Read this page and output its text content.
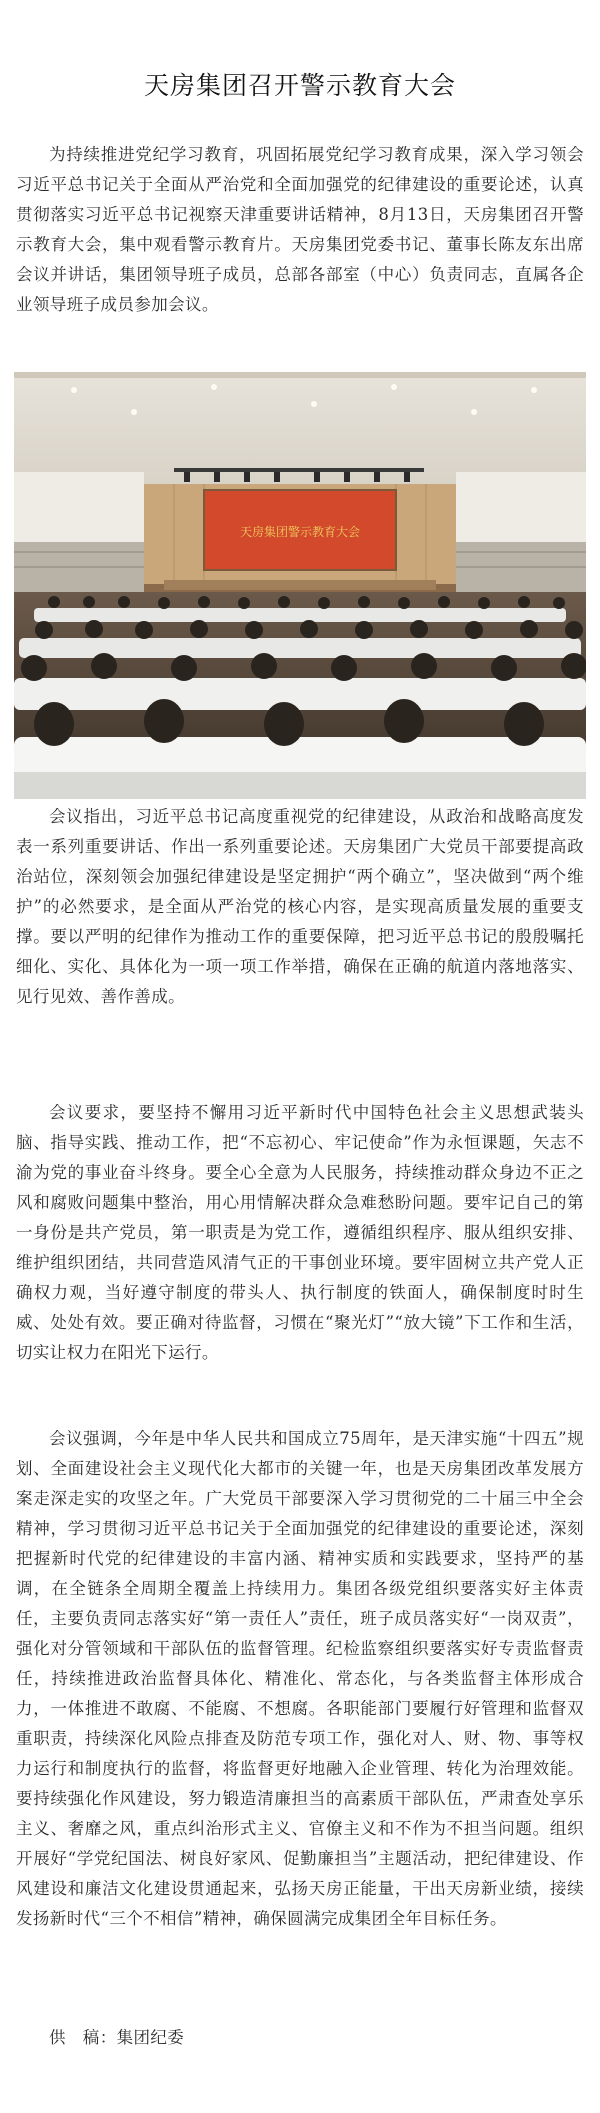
天房集团召开警示教育大会
为持续推进党纪学习教育，巩固拓展党纪学习教育成果，深入学习领会习近平总书记关于全面从严治党和全面加强党的纪律建设的重要论述，认真贯彻落实习近平总书记视察天津重要讲话精神，8月13日，天房集团召开警示教育大会，集中观看警示教育片。天房集团党委书记、董事长陈友东出席会议并讲话，集团领导班子成员，总部各部室（中心）负责同志，直属各企业领导班子成员参加会议。
天房集团警示教育大会
会议指出，习近平总书记高度重视党的纪律建设，从政治和战略高度发表一系列重要讲话、作出一系列重要论述。天房集团广大党员干部要提高政治站位，深刻领会加强纪律建设是坚定拥护“两个确立”，坚决做到“两个维护”的必然要求，是全面从严治党的核心内容，是实现高质量发展的重要支撑。要以严明的纪律作为推动工作的重要保障，把习近平总书记的殷殷嘱托细化、实化、具体化为一项一项工作举措，确保在正确的航道内落地落实、见行见效、善作善成。
会议要求，要坚持不懈用习近平新时代中国特色社会主义思想武装头脑、指导实践、推动工作，把“不忘初心、牢记使命”作为永恒课题，矢志不渝为党的事业奋斗终身。要全心全意为人民服务，持续推动群众身边不正之风和腐败问题集中整治，用心用情解决群众急难愁盼问题。要牢记自己的第一身份是共产党员，第一职责是为党工作，遵循组织程序、服从组织安排、维护组织团结，共同营造风清气正的干事创业环境。要牢固树立共产党人正确权力观，当好遵守制度的带头人、执行制度的铁面人，确保制度时时生威、处处有效。要正确对待监督，习惯在“聚光灯”“放大镜”下工作和生活，切实让权力在阳光下运行。
会议强调，今年是中华人民共和国成立75周年，是天津实施“十四五”规划、全面建设社会主义现代化大都市的关键一年，也是天房集团改革发展方案走深走实的攻坚之年。广大党员干部要深入学习贯彻党的二十届三中全会精神，学习贯彻习近平总书记关于全面加强党的纪律建设的重要论述，深刻把握新时代党的纪律建设的丰富内涵、精神实质和实践要求，坚持严的基调，在全链条全周期全覆盖上持续用力。集团各级党组织要落实好主体责任，主要负责同志落实好“第一责任人”责任，班子成员落实好“一岗双责”，强化对分管领域和干部队伍的监督管理。纪检监察组织要落实好专责监督责任，持续推进政治监督具体化、精准化、常态化，与各类监督主体形成合力，一体推进不敢腐、不能腐、不想腐。各职能部门要履行好管理和监督双重职责，持续深化风险点排查及防范专项工作，强化对人、财、物、事等权力运行和制度执行的监督，将监督更好地融入企业管理、转化为治理效能。要持续强化作风建设，努力锻造清廉担当的高素质干部队伍，严肃查处享乐主义、奢靡之风，重点纠治形式主义、官僚主义和不作为不担当问题。组织开展好“学党纪国法、树良好家风、促勤廉担当”主题活动，把纪律建设、作风建设和廉洁文化建设贯通起来，弘扬天房正能量，干出天房新业绩，接续发扬新时代“三个不相信”精神，确保圆满完成集团全年目标任务。
供　稿：集团纪委
